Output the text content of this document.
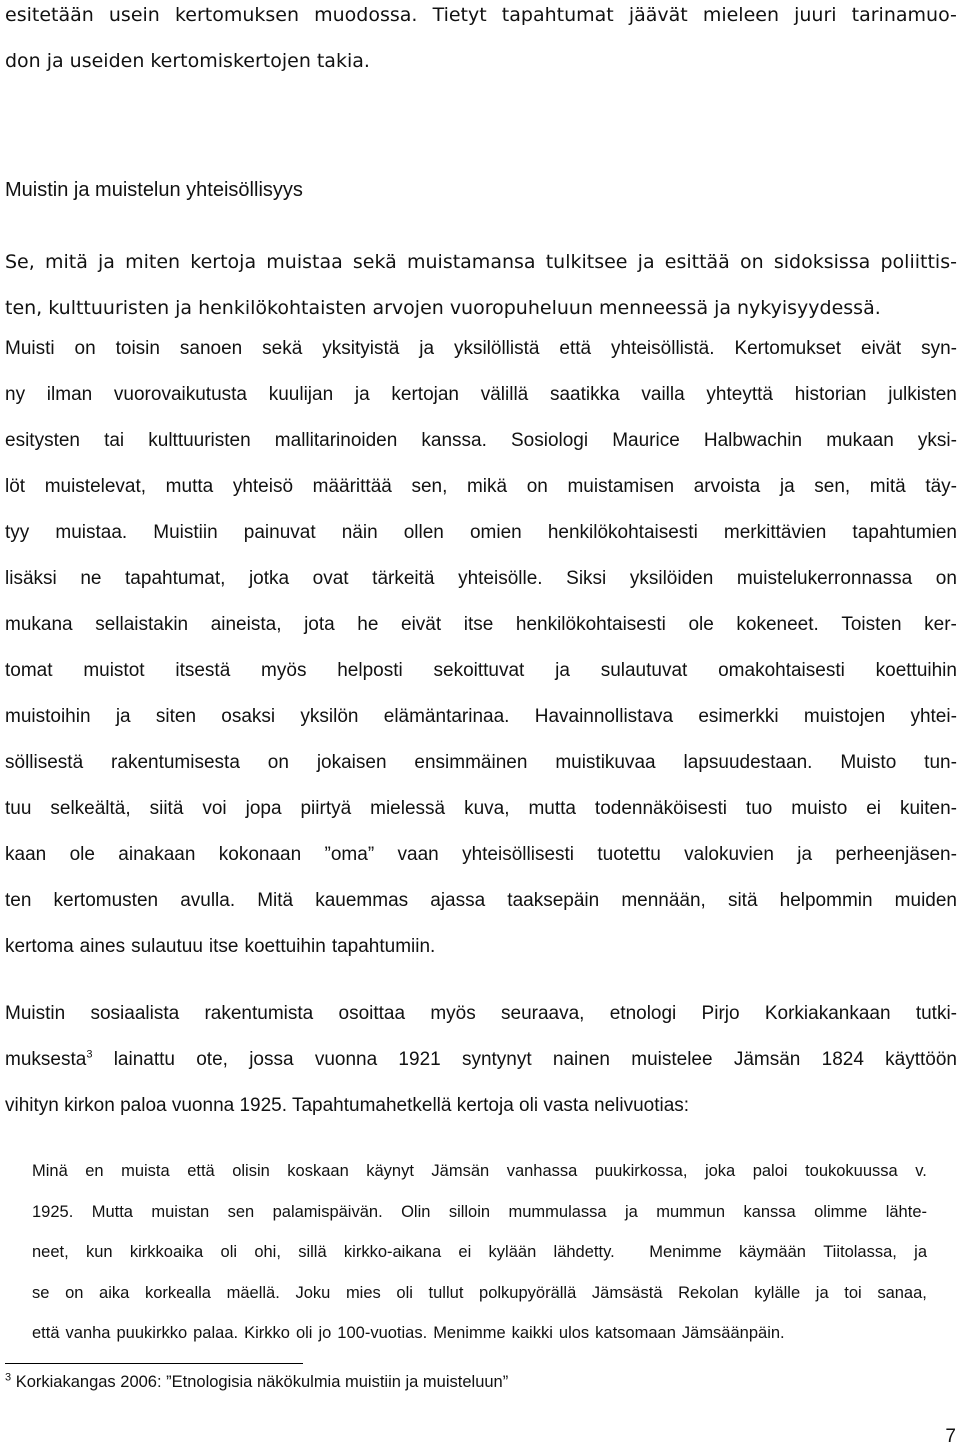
esitetään usein kertomuksen muodossa. Tietyt tapahtumat jäävät mieleen juuri tarinamuo-
don ja useiden kertomiskertojen takia.
Muistin ja muistelun yhteisöllisyys
Se, mitä ja miten kertoja muistaa sekä muistamansa tulkitsee ja esittää on sidoksissa poliittis-
ten, kulttuuristen ja henkilökohtaisten arvojen vuoropuheluun menneessä ja nykyisyydessä.
Muisti on toisin sanoen sekä yksityistä ja yksilöllistä että yhteisöllistä. Kertomukset eivät syn-
ny ilman vuorovaikutusta kuulijan ja kertojan välillä saatikka vailla yhteyttä historian julkisten
esitysten tai kulttuuristen mallitarinoiden kanssa. Sosiologi Maurice Halbwachin mukaan yksi-
löt muistelevat, mutta yhteisö määrittää sen, mikä on muistamisen arvoista ja sen, mitä täy-
tyy muistaa. Muistiin painuvat näin ollen omien henkilökohtaisesti merkittävien tapahtumien
lisäksi ne tapahtumat, jotka ovat tärkeitä yhteisölle. Siksi yksilöiden muistelukerronnassa on
mukana sellaistakin aineista, jota he eivät itse henkilökohtaisesti ole kokeneet. Toisten ker-
tomat muistot itsestä myös helposti sekoittuvat ja sulautuvat omakohtaisesti koettuihin
muistoihin ja siten osaksi yksilön elämäntarinaa. Havainnollistava esimerkki muistojen yhtei-
söllisestä rakentumisesta on jokaisen ensimmäinen muistikuvaa lapsuudestaan. Muisto tun-
tuu selkeältä, siitä voi jopa piirtyä mielessä kuva, mutta todennäköisesti tuo muisto ei kuiten-
kaan ole ainakaan kokonaan ”oma” vaan yhteisöllisesti tuotettu valokuvien ja perheenjäsen-
ten kertomusten avulla. Mitä kauemmas ajassa taaksepäin mennään, sitä helpommin muiden
kertoma aines sulautuu itse koettuihin tapahtumiin.
Muistin sosiaalista rakentumista osoittaa myös seuraava, etnologi Pirjo Korkiakankaan tutki-
muksesta$^3$ lainattu ote, jossa vuonna 1921 syntynyt nainen muistelee Jämsän 1824 käyttöön
vihityn kirkon paloa vuonna 1925. Tapahtumahetkellä kertoja oli vasta nelivuotias:
Minä en muista että olisin koskaan käynyt Jämsän vanhassa puukirkossa, joka paloi toukokuussa v.
1925. Mutta muistan sen palamispäivän. Olin silloin mummulassa ja mummun kanssa olimme lähte-
neet, kun kirkkoaika oli ohi, sillä kirkko-aikana ei kylään lähdetty. Menimme käymään Tiitolassa, ja
se on aika korkealla mäellä. Joku mies oli tullut polkupyörällä Jämsästä Rekolan kylälle ja toi sanaa,
että vanha puukirkko palaa. Kirkko oli jo 100-vuotias. Menimme kaikki ulos katsomaan Jämsäänpäin.
$^3$ Korkiakangas 2006: ”Etnologisia näkökulmia muistiin ja muisteluun”
7
